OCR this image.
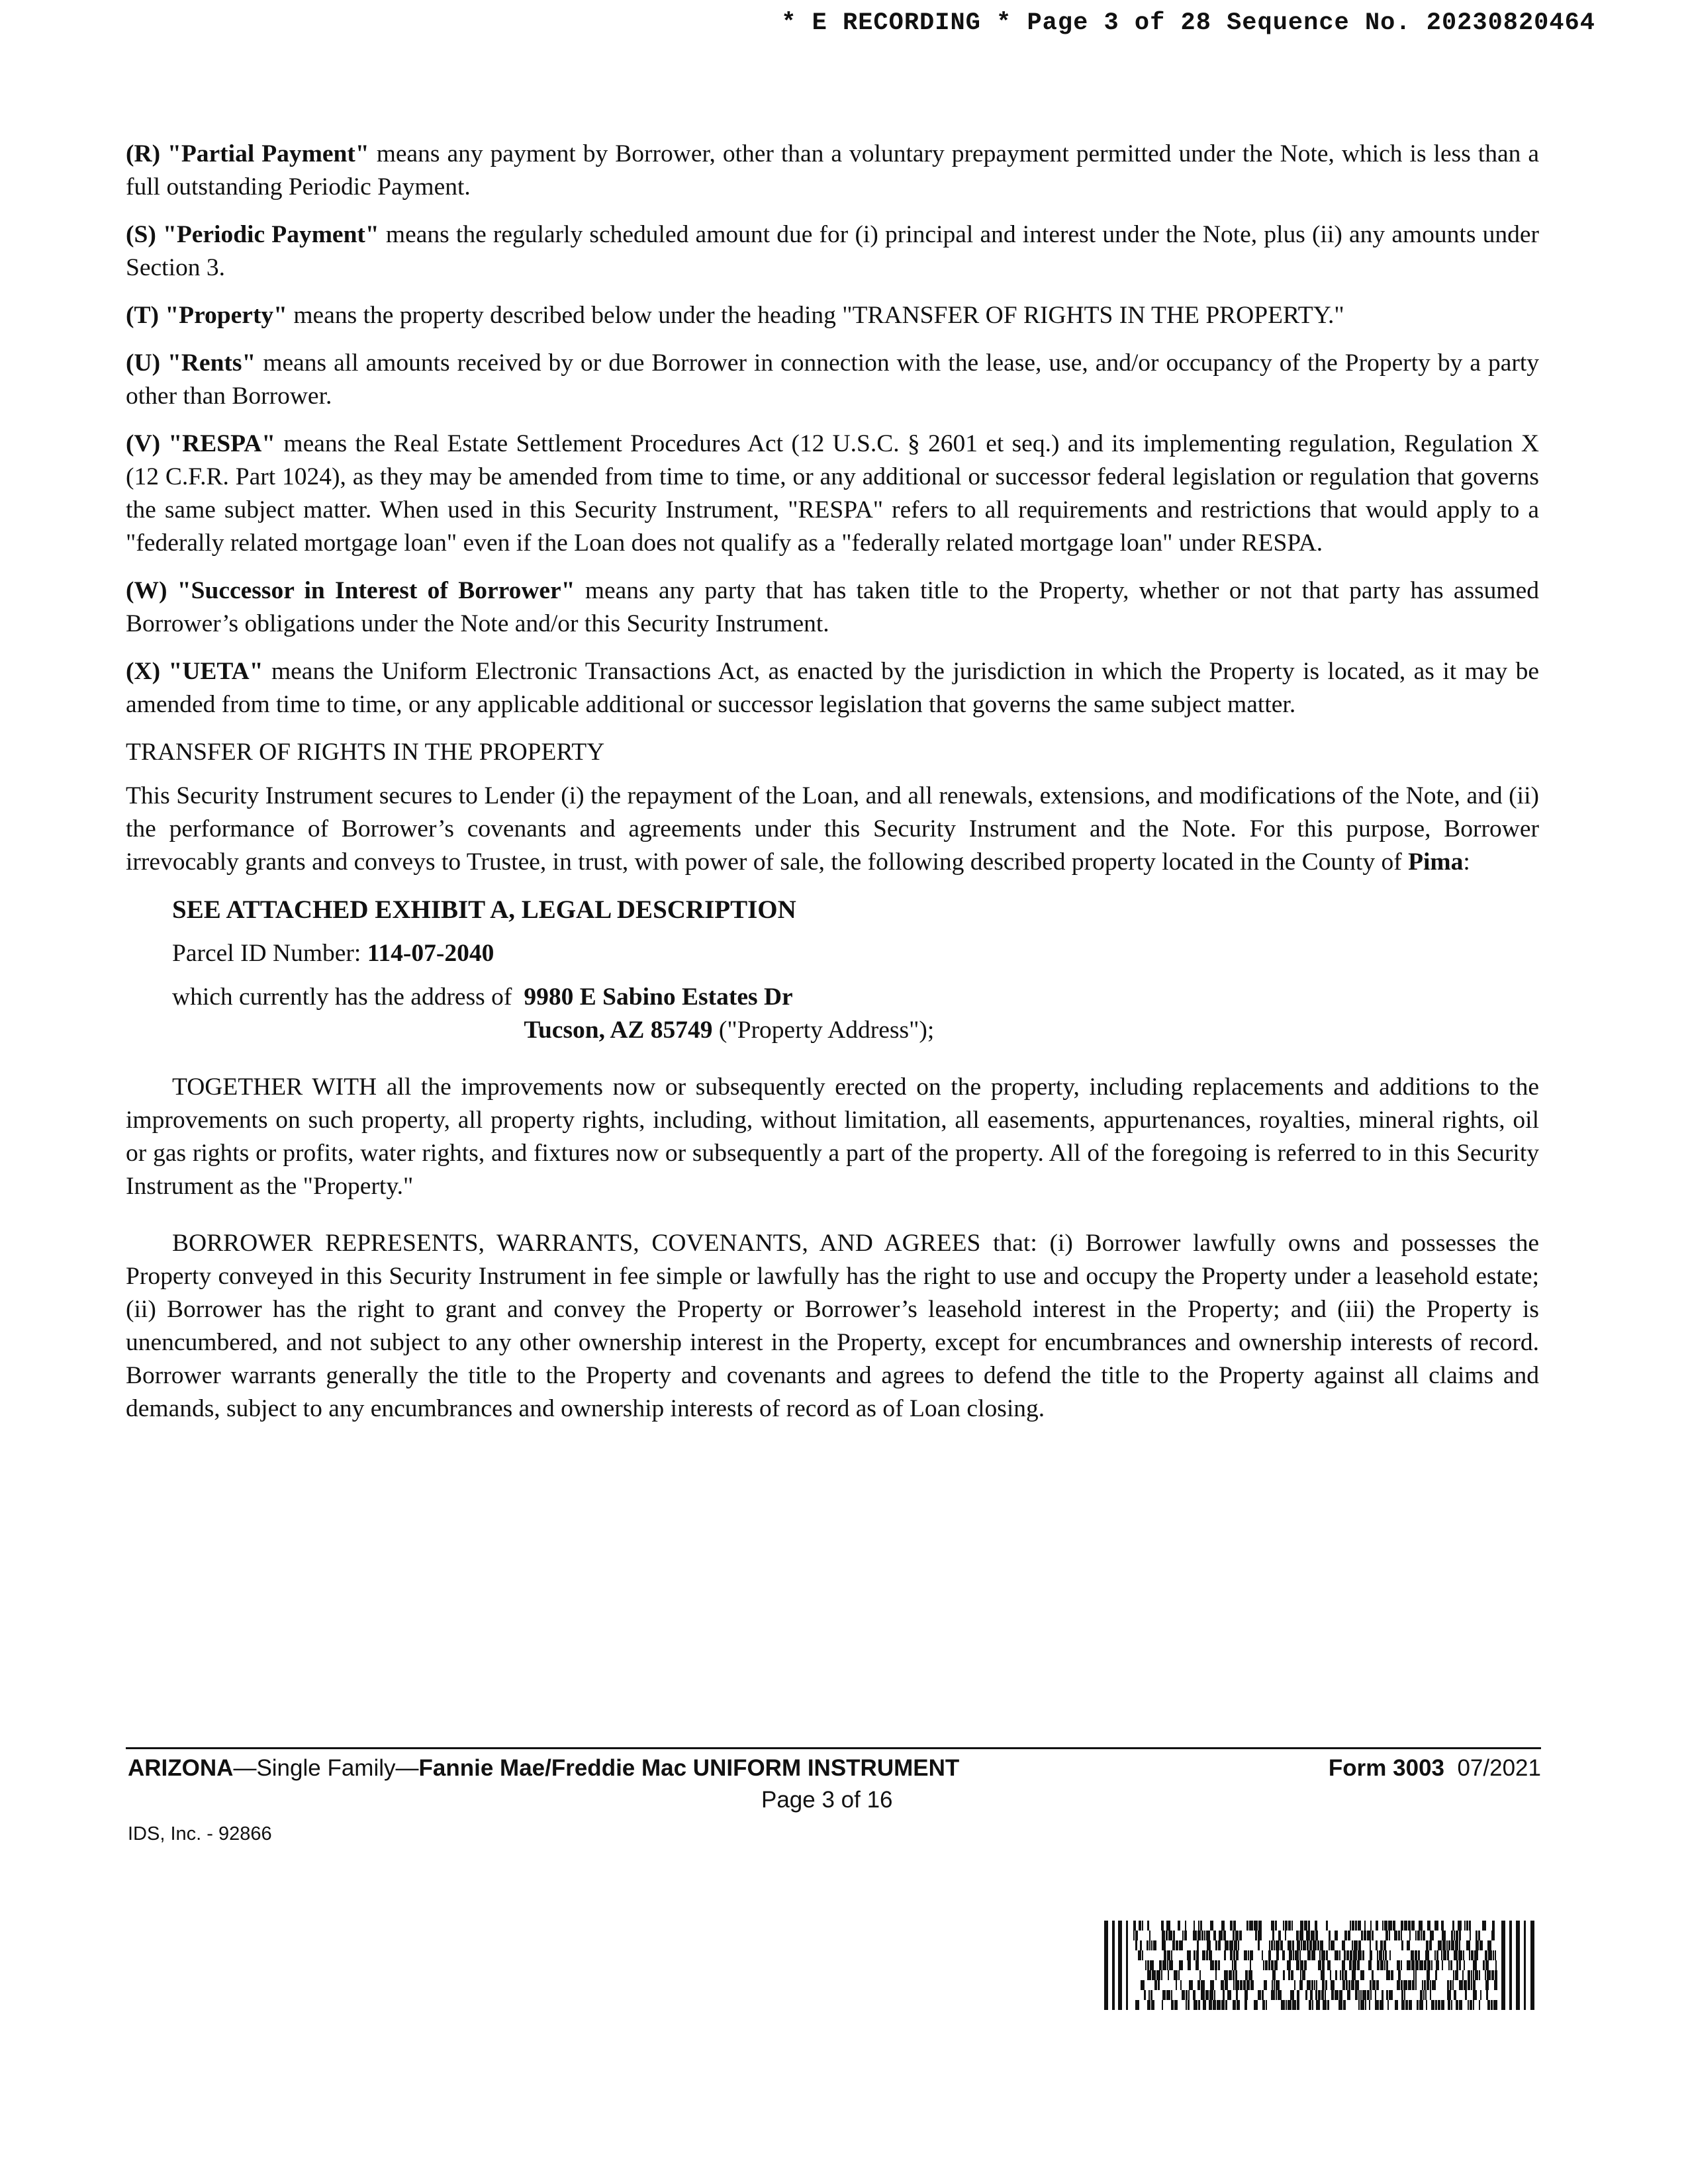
* E RECORDING * Page 3 of 28 Sequence No. 20230820464

(R) "Partial Payment" means any payment by Borrower, other than a voluntary prepayment permitted under the Note, which is less than a full outstanding Periodic Payment.

(S) "Periodic Payment" means the regularly scheduled amount due for (i) principal and interest under the Note, plus (ii) any amounts under Section 3.

(T) "Property" means the property described below under the heading "TRANSFER OF RIGHTS IN THE PROPERTY."

(U) "Rents" means all amounts received by or due Borrower in connection with the lease, use, and/or occupancy of the Property by a party other than Borrower.

(V) "RESPA" means the Real Estate Settlement Procedures Act (12 U.S.C. § 2601 et seq.) and its implementing regulation, Regulation X (12 C.F.R. Part 1024), as they may be amended from time to time, or any additional or successor federal legislation or regulation that governs the same subject matter. When used in this Security Instrument, "RESPA" refers to all requirements and restrictions that would apply to a "federally related mortgage loan" even if the Loan does not qualify as a "federally related mortgage loan" under RESPA.

(W) "Successor in Interest of Borrower" means any party that has taken title to the Property, whether or not that party has assumed Borrower’s obligations under the Note and/or this Security Instrument.

(X) "UETA" means the Uniform Electronic Transactions Act, as enacted by the jurisdiction in which the Property is located, as it may be amended from time to time, or any applicable additional or successor legislation that governs the same subject matter.

TRANSFER OF RIGHTS IN THE PROPERTY

This Security Instrument secures to Lender (i) the repayment of the Loan, and all renewals, extensions, and modifications of the Note, and (ii) the performance of Borrower’s covenants and agreements under this Security Instrument and the Note. For this purpose, Borrower irrevocably grants and conveys to Trustee, in trust, with power of sale, the following described property located in the County of Pima:

SEE ATTACHED EXHIBIT A, LEGAL DESCRIPTION

Parcel ID Number: 114-07-2040

which currently has the address of 9980 E Sabino Estates Dr
Tucson, AZ 85749 ("Property Address");

TOGETHER WITH all the improvements now or subsequently erected on the property, including replacements and additions to the improvements on such property, all property rights, including, without limitation, all easements, appurtenances, royalties, mineral rights, oil or gas rights or profits, water rights, and fixtures now or subsequently a part of the property. All of the foregoing is referred to in this Security Instrument as the "Property."

BORROWER REPRESENTS, WARRANTS, COVENANTS, AND AGREES that: (i) Borrower lawfully owns and possesses the Property conveyed in this Security Instrument in fee simple or lawfully has the right to use and occupy the Property under a leasehold estate; (ii) Borrower has the right to grant and convey the Property or Borrower’s leasehold interest in the Property; and (iii) the Property is unencumbered, and not subject to any other ownership interest in the Property, except for encumbrances and ownership interests of record. Borrower warrants generally the title to the Property and covenants and agrees to defend the title to the Property against all claims and demands, subject to any encumbrances and ownership interests of record as of Loan closing.

ARIZONA—Single Family—Fannie Mae/Freddie Mac UNIFORM INSTRUMENT	Form 3003 07/2021
Page 3 of 16
IDS, Inc. - 92866
